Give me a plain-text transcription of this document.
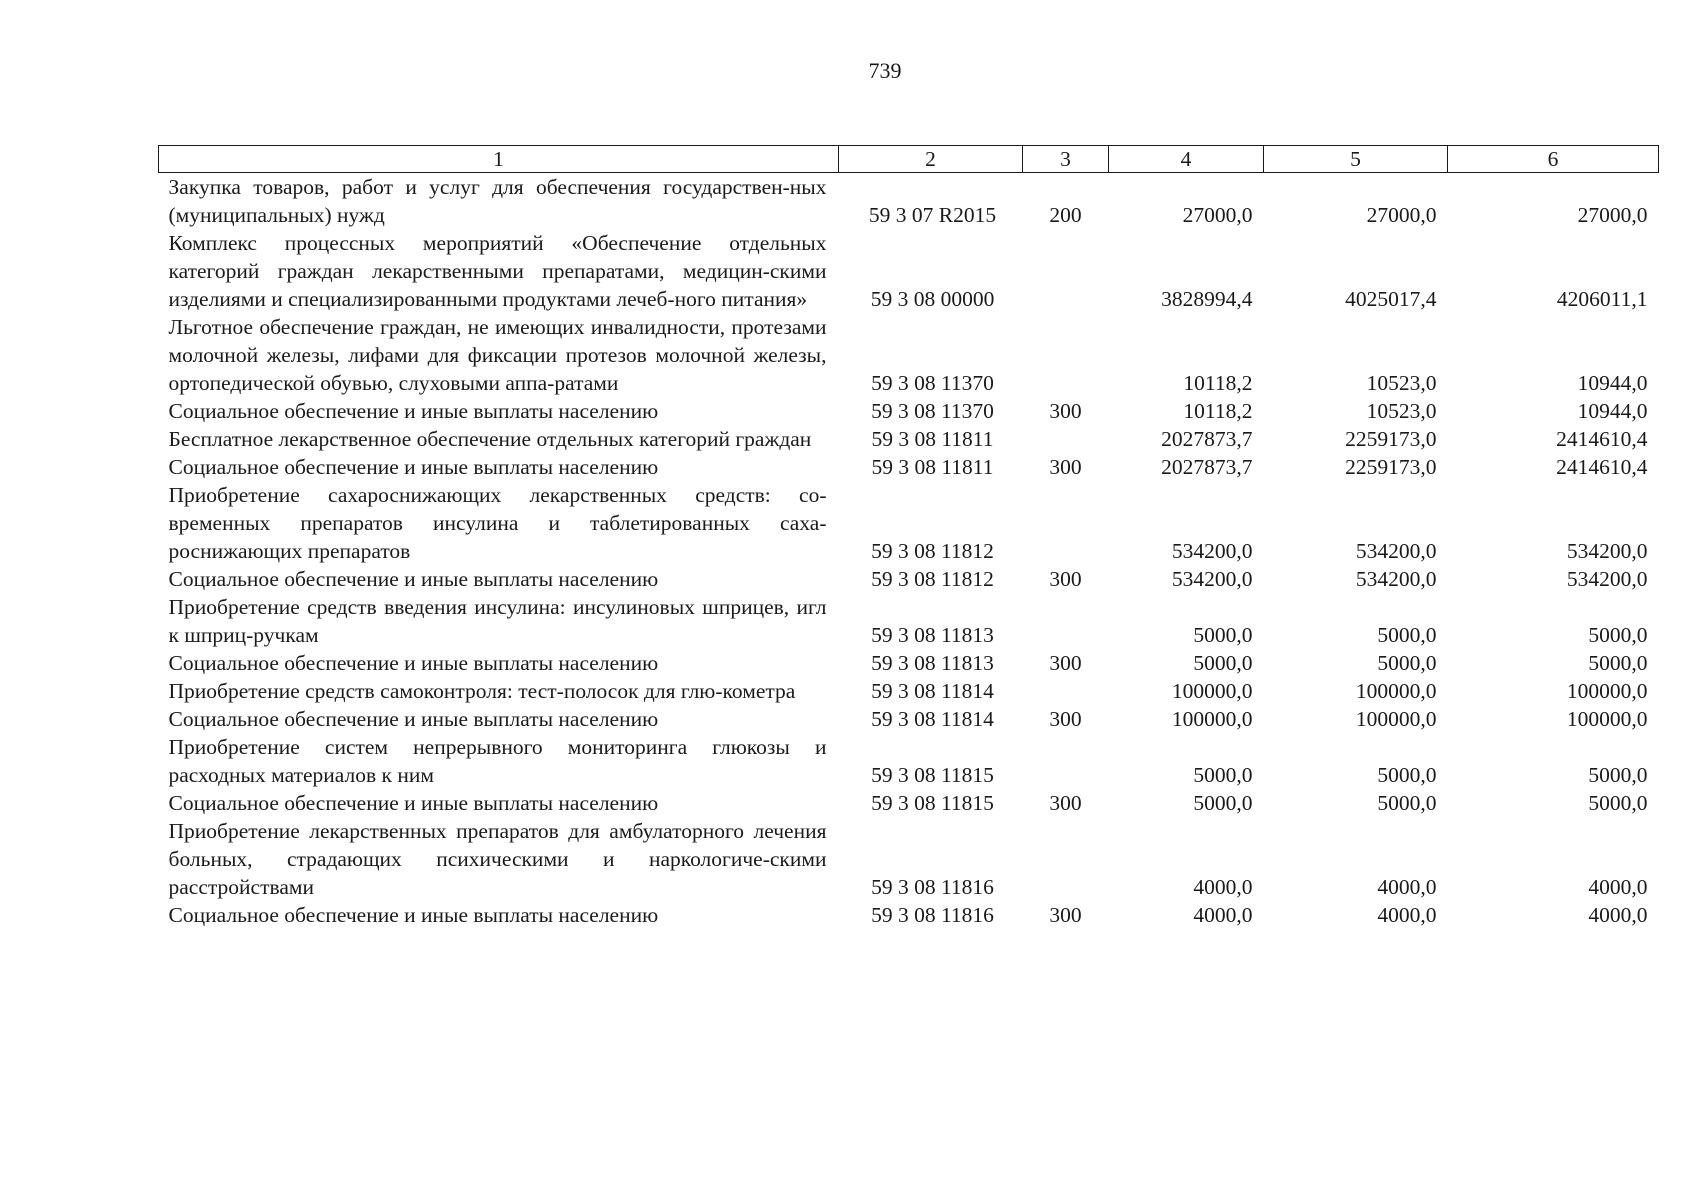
739
1	2	3	4	5	6
Закупка товаров, работ и услуг для обеспечения государствен-ных (муниципальных) нужд	59 3 07 R2015	200	27000,0	27000,0	27000,0
Комплекс процессных мероприятий «Обеспечение отдельных категорий граждан лекарственными препаратами, медицин-скими изделиями и специализированными продуктами лечеб-ного питания»	59 3 08 00000		3828994,4	4025017,4	4206011,1
Льготное обеспечение граждан, не имеющих инвалидности, протезами молочной железы, лифами для фиксации протезов молочной железы, ортопедической обувью, слуховыми аппа-ратами	59 3 08 11370		10118,2	10523,0	10944,0
Социальное обеспечение и иные выплаты населению	59 3 08 11370	300	10118,2	10523,0	10944,0
Бесплатное лекарственное обеспечение отдельных категорий граждан	59 3 08 11811		2027873,7	2259173,0	2414610,4
Социальное обеспечение и иные выплаты населению	59 3 08 11811	300	2027873,7	2259173,0	2414610,4
Приобретение сахароснижающих лекарственных средств: со-временных препаратов инсулина и таблетированных саха-роснижающих препаратов	59 3 08 11812		534200,0	534200,0	534200,0
Социальное обеспечение и иные выплаты населению	59 3 08 11812	300	534200,0	534200,0	534200,0
Приобретение средств введения инсулина: инсулиновых шприцев, игл к шприц-ручкам	59 3 08 11813		5000,0	5000,0	5000,0
Социальное обеспечение и иные выплаты населению	59 3 08 11813	300	5000,0	5000,0	5000,0
Приобретение средств самоконтроля: тест-полосок для глю-кометра	59 3 08 11814		100000,0	100000,0	100000,0
Социальное обеспечение и иные выплаты населению	59 3 08 11814	300	100000,0	100000,0	100000,0
Приобретение систем непрерывного мониторинга глюкозы и расходных материалов к ним	59 3 08 11815		5000,0	5000,0	5000,0
Социальное обеспечение и иные выплаты населению	59 3 08 11815	300	5000,0	5000,0	5000,0
Приобретение лекарственных препаратов для амбулаторного лечения больных, страдающих психическими и наркологиче-скими расстройствами	59 3 08 11816		4000,0	4000,0	4000,0
Социальное обеспечение и иные выплаты населению	59 3 08 11816	300	4000,0	4000,0	4000,0
